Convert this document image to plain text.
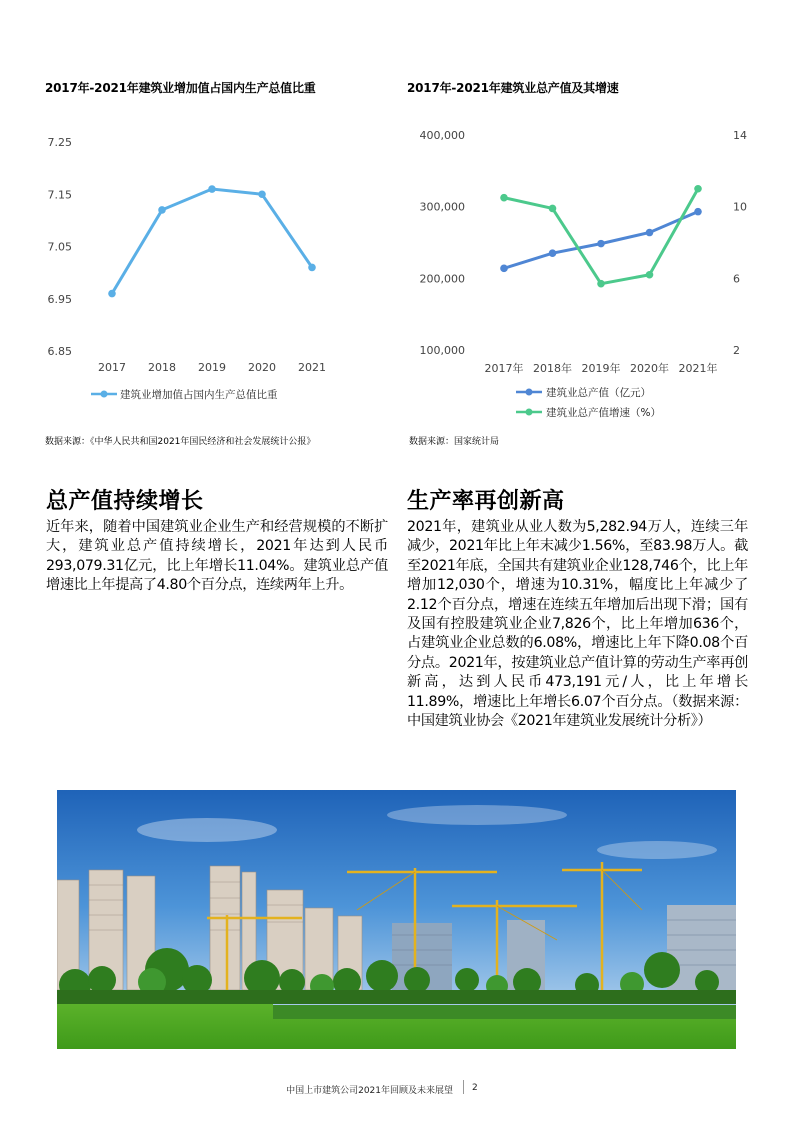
2017年-2021年建筑业增加值占国内生产总值比重	2017年-2021年建筑业总产值及其增速
7.25
7.15
7.05
6.95
6.85
2017 2018 2019 2020 2021
建筑业增加值占国内生产总值比重
400,000
300,000
200,000
100,000
14
10
6
2
2017年 2018年 2019年 2020年 2021年
建筑业总产值（亿元）
建筑业总产值增速（%）
数据来源：《中华人民共和国2021年国民经济和社会发展统计公报》	数据来源：国家统计局
总产值持续增长
近年来，随着中国建筑业企业生产和经营规模的不断扩大，建筑业总产值持续增长，2021年达到人民币293,079.31亿元，比上年增长11.04%。建筑业总产值增速比上年提高了4.80个百分点，连续两年上升。
生产率再创新高
2021年，建筑业从业人数为5,282.94万人，连续三年减少，2021年比上年末减少1.56%，至83.98万人。截至2021年底，全国共有建筑业企业128,746个，比上年增加12,030个，增速为10.31%，幅度比上年减少了2.12个百分点，增速在连续五年增加后出现下滑；国有及国有控股建筑业企业7,826个，比上年增加636个，占建筑业企业总数的6.08%，增速比上年下降0.08个百分点。2021年，按建筑业总产值计算的劳动生产率再创新高，达到人民币473,191元/人，比上年增长11.89%，增速比上年增长6.07个百分点。（数据来源：中国建筑业协会《2021年建筑业发展统计分析》）
中国上市建筑公司2021年回顾及未来展望 2
